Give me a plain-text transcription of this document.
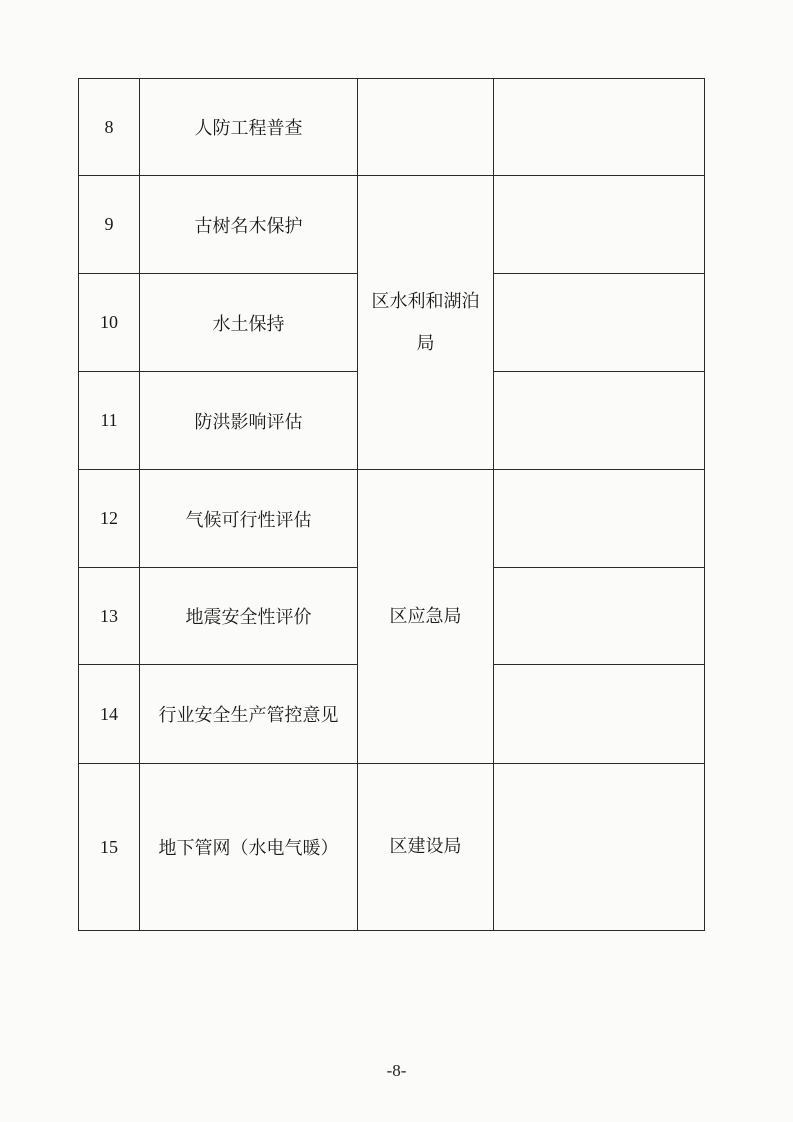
8	人防工程普查		
9	古树名木保护	区水利和湖泊局	
10	水土保持		
11	防洪影响评估		
12	气候可行性评估	区应急局	
13	地震安全性评价		
14	行业安全生产管控意见		
15	地下管网（水电气暖）	区建设局	
-8-
